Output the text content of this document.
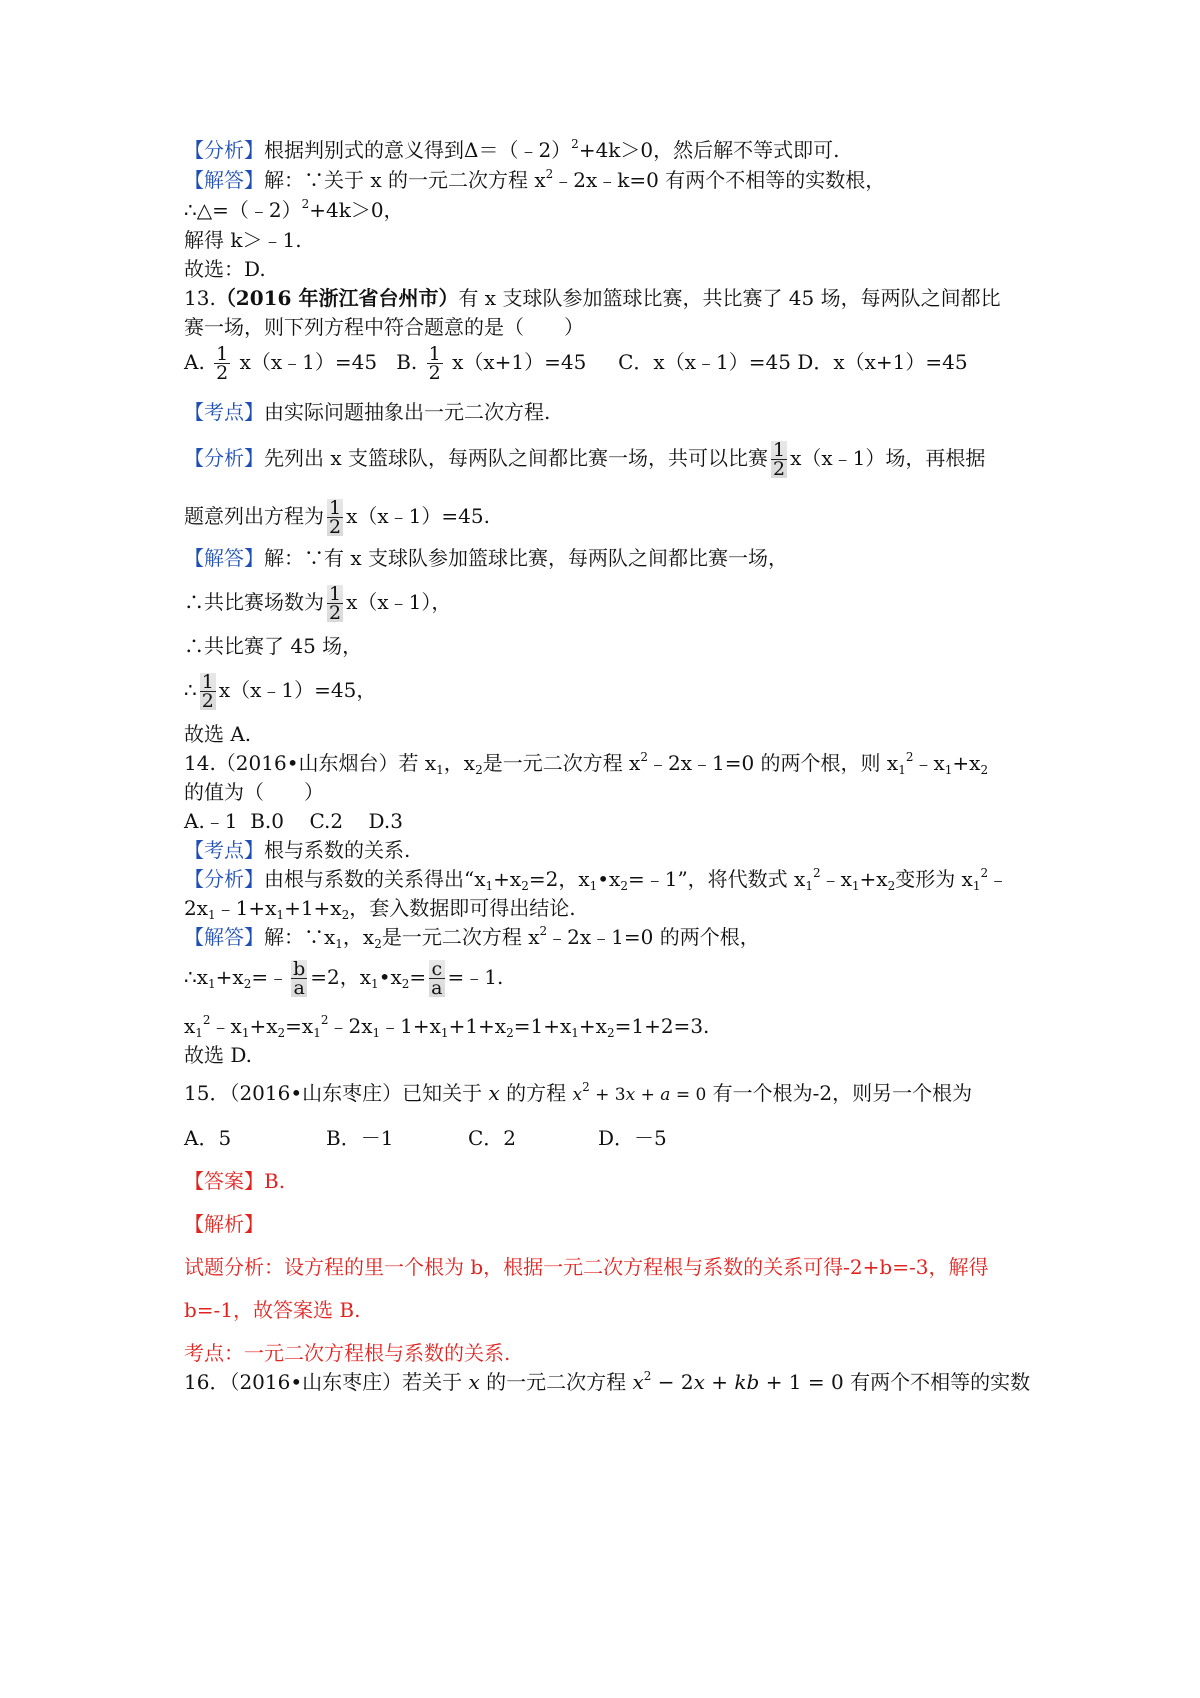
【分析】根据判别式的意义得到Δ＝（﹣2）$^2$+4k＞0，然后解不等式即可.
【解答】解：∵关于 x 的一元二次方程 $x^2﹣2x﹣k=0$ 有两个不相等的实数根，
∴△=（﹣2）$^2$+4k＞0，
解得 k＞﹣1.
故选：D.
13.（2016 年浙江省台州市）有 x 支球队参加篮球比赛，共比赛了 45 场，每两队之间都比
赛一场，则下列方程中符合题意的是（　　）
A. $\frac{1}{2}$ x（x﹣1）=45 B. $\frac{1}{2} x(x+1)=45$ C．x（x﹣1）=45 D．x（x+1）=45
【考点】由实际问题抽象出一元二次方程.
【分析】先列出 x 支篮球队，每两队之间都比赛一场，共可以比赛 $\frac{1}{2}$ x（x﹣1）场，再根据
题意列出方程为 $\frac{1}{2}$ x（x﹣1）=45.
【解答】解：∵有 x 支球队参加篮球比赛，每两队之间都比赛一场，
∴共比赛场数为 $\frac{1}{2}$ x（x﹣1），
∴共比赛了 45 场，
∴ $\frac{1}{2}$ x（x﹣1）=45，
故选 A.
14.（2016•山东烟台）若 $x_1$，$x_2$是一元二次方程 $x^2﹣2x﹣1=0$ 的两个根，则 $x_1^2﹣x_1+x_2$
的值为（　　）
A.﹣1  B.0    C.2    D.3
【考点】根与系数的关系.
【分析】由根与系数的关系得出“$x_1+x_2=2$，$x_1•x_2=﹣1$”，将代数式 $x_1^2﹣x_1+x_2$变形为 $x_1^2﹣$
$2x_1﹣1+x_1+1+x_2$，套入数据即可得出结论.
【解答】解：$\because x_1$，$x_2$是一元二次方程 $x^2﹣2x﹣1=0$ 的两个根，
$\therefore x_1+x_2=﹣ \frac{b}{a} =2$，$x_1•x_2= \frac{c}{a}$ =﹣1.
$x_1^2﹣x_1+x_2=x_1^2﹣2x_1﹣1+x_1+1+x_2=1+x_1+x_2=1+2=3$.
故选 D.
15．（2016•山东枣庄）已知关于 x 的方程 $x^2 + 3x + a = 0$ 有一个根为-2，则另一个根为
A．5	B．－1	C．2	D．－5
【答案】B.
【解析】
试题分析：设方程的里一个根为 b，根据一元二次方程根与系数的关系可得-2+b=-3，解得
b=-1，故答案选 B.
考点：一元二次方程根与系数的关系.
16．（2016•山东枣庄）若关于 x 的一元二次方程 $x^2 - 2x$ + kb + 1 = 0 有两个不相等的实数
